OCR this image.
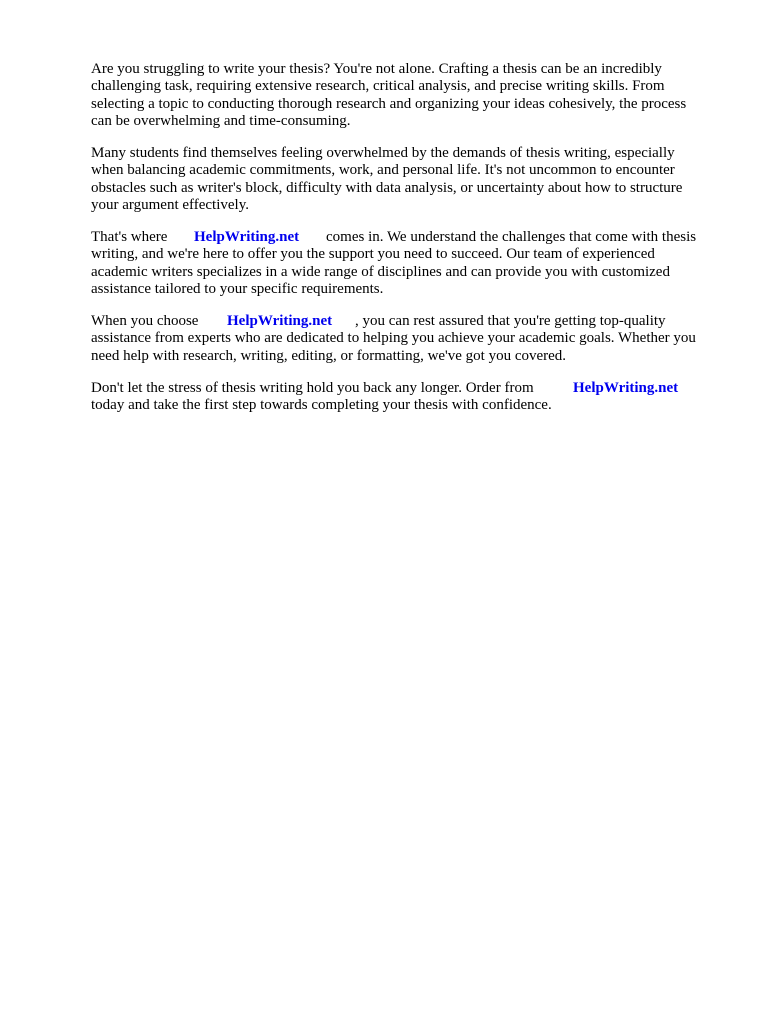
Are you struggling to write your thesis? You're not alone. Crafting a thesis can be an incredibly

challenging task, requiring extensive research, critical analysis, and precise writing skills. From

selecting a topic to conducting thorough research and organizing your ideas cohesively, the process

can be overwhelming and time-consuming.

Many students find themselves feeling overwhelmed by the demands of thesis writing, especially

when balancing academic commitments, work, and personal life. It's not uncommon to encounter

obstacles such as writer's block, difficulty with data analysis, or uncertainty about how to structure

your argument effectively.

That's where HelpWriting.net comes in. We understand the challenges that come with thesis

writing, and we're here to offer you the support you need to succeed. Our team of experienced

academic writers specializes in a wide range of disciplines and can provide you with customized

assistance tailored to your specific requirements.

When you choose HelpWriting.net , you can rest assured that you're getting top-quality

assistance from experts who are dedicated to helping you achieve your academic goals. Whether you

need help with research, writing, editing, or formatting, we've got you covered.

Don't let the stress of thesis writing hold you back any longer. Order from	HelpWriting.net

today and take the first step towards completing your thesis with confidence.
